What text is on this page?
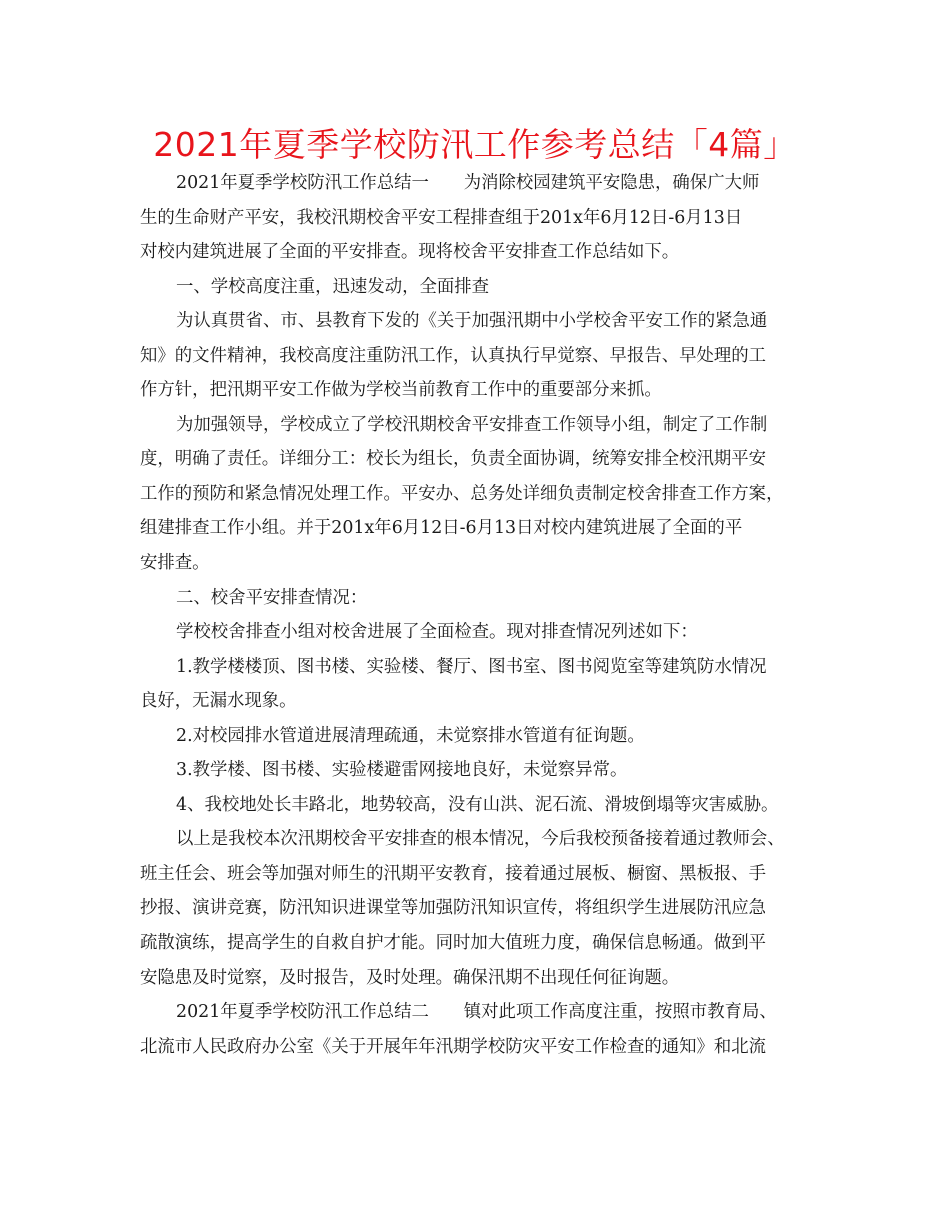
2021年夏季学校防汛工作参考总结「4篇」
2021年夏季学校防汛工作总结一　　为消除校园建筑平安隐患，确保广大师
生的生命财产平安，我校汛期校舍平安工程排查组于201x年6月12日-6月13日
对校内建筑进展了全面的平安排查。现将校舍平安排查工作总结如下。
一、学校高度注重，迅速发动，全面排查
为认真贯省、市、县教育下发的《关于加强汛期中小学校舍平安工作的紧急通
知》的文件精神，我校高度注重防汛工作，认真执行早觉察、早报告、早处理的工
作方针，把汛期平安工作做为学校当前教育工作中的重要部分来抓。
为加强领导，学校成立了学校汛期校舍平安排查工作领导小组，制定了工作制
度，明确了责任。详细分工：校长为组长，负责全面协调，统筹安排全校汛期平安
工作的预防和紧急情况处理工作。平安办、总务处详细负责制定校舍排查工作方案，
组建排查工作小组。并于201x年6月12日-6月13日对校内建筑进展了全面的平
安排查。
二、校舍平安排查情况：
学校校舍排查小组对校舍进展了全面检查。现对排查情况列述如下：
1.教学楼楼顶、图书楼、实验楼、餐厅、图书室、图书阅览室等建筑防水情况
良好，无漏水现象。
2.对校园排水管道进展清理疏通，未觉察排水管道有征询题。
3.教学楼、图书楼、实验楼避雷网接地良好，未觉察异常。
4、我校地处长丰路北，地势较高，没有山洪、泥石流、滑坡倒塌等灾害威胁。
以上是我校本次汛期校舍平安排查的根本情况，今后我校预备接着通过教师会、
班主任会、班会等加强对师生的汛期平安教育，接着通过展板、橱窗、黑板报、手
抄报、演讲竞赛，防汛知识进课堂等加强防汛知识宣传，将组织学生进展防汛应急
疏散演练，提高学生的自救自护才能。同时加大值班力度，确保信息畅通。做到平
安隐患及时觉察，及时报告，及时处理。确保汛期不出现任何征询题。
2021年夏季学校防汛工作总结二　　镇对此项工作高度注重，按照市教育局、
北流市人民政府办公室《关于开展年年汛期学校防灾平安工作检查的通知》和北流
